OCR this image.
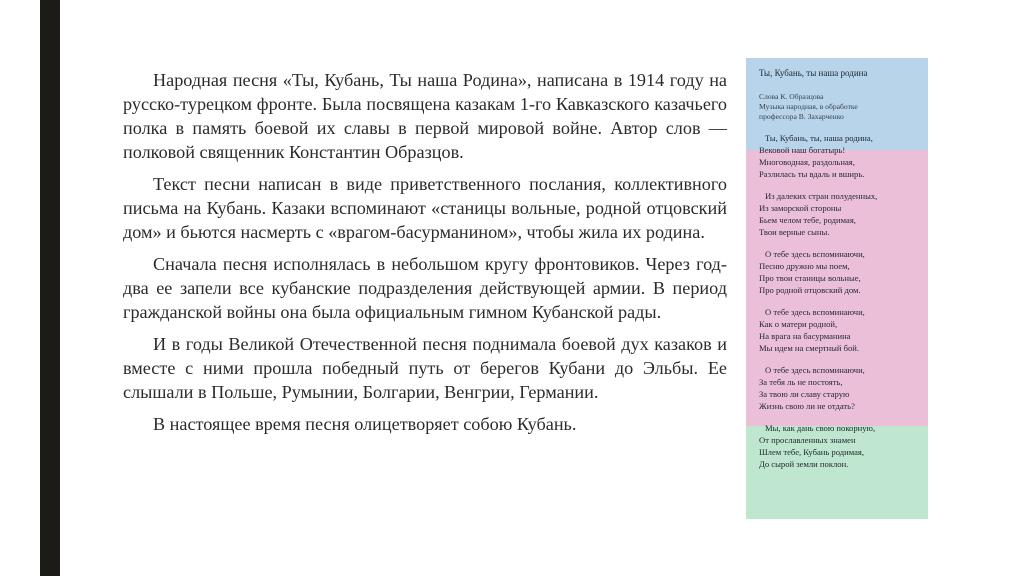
Народная песня «Ты, Кубань, Ты наша Родина», написана в 1914 году на русско-турецком фронте. Была посвящена казакам 1-го Кавказского казачьего полка в память боевой их славы в первой мировой войне. Автор слов — полковой священник Константин Образцов.

Текст песни написан в виде приветственного послания, коллективного письма на Кубань. Казаки вспоминают «станицы вольные, родной отцовский дом» и бьются насмерть с «врагом-басурманином», чтобы жила их родина.

Сначала песня исполнялась в небольшом кругу фронтовиков. Через год-два ее запели все кубанские подразделения действующей армии. В период гражданской войны она была официальным гимном Кубанской рады.

И в годы Великой Отечественной песня поднимала боевой дух казаков и вместе с ними прошла победный путь от берегов Кубани до Эльбы. Ее слышали в Польше, Румынии, Болгарии, Венгрии, Германии.

В настоящее время песня олицетворяет собою Кубань.

Ты, Кубань, ты наша родина
Слова К. Образцова
Музыка народная, в обработке
профессора В. Захарченко
Ты, Кубань, ты, наша родина,
Вековой наш богатырь!
Многоводная, раздольная,
Разлилась ты вдаль и вширь.
Из далеких стран полуденных,
Из заморской стороны
Бьем челом тебе, родимая,
Твои верные сыны.
О тебе здесь вспоминаючи,
Песню дружно мы поем,
Про твои станицы вольные,
Про родной отцовский дом.
О тебе здесь вспоминаючи,
Как о матери родной,
На врага на басурманина
Мы идем на смертный бой.
О тебе здесь вспоминаючи,
За тебя ль не постоять,
За твою ли славу старую
Жизнь свою ли не отдать?
Мы, как дань свою покорную,
От прославленных знамен
Шлем тебе, Кубань родимая,
До сырой земли поклон.
